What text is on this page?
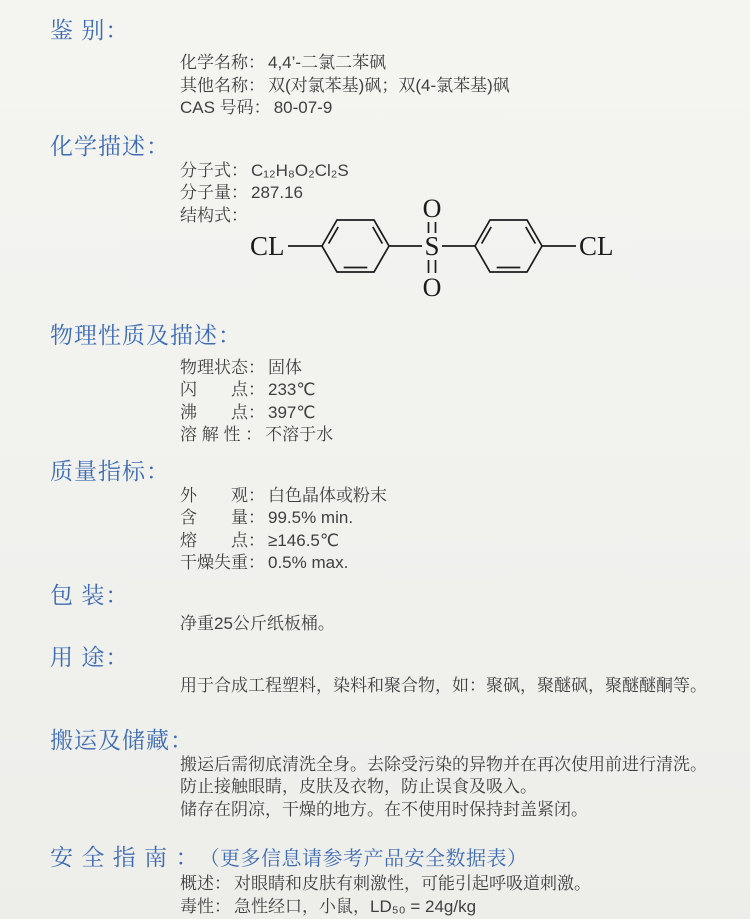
鉴 别：
化学名称： 4,4’-二氯二苯砜
其他名称： 双(对氯苯基)砜；双(4-氯苯基)砜
CAS 号码： 80-07-9
化学描述：
分子式： C₁₂H₈O₂Cl₂S
分子量： 287.16
结构式：
CL	S
O
O
CL
物理性质及描述：
物理状态： 固体
闪　　点： 233℃
沸　　点： 397℃
溶 解 性 ： 不溶于水
质量指标：
外　　观： 白色晶体或粉末
含　　量： 99.5% min.
熔　　点： ≥146.5℃
干燥失重： 0.5% max.
包 装：
净重25公斤纸板桶。
用 途：
用于合成工程塑料，染料和聚合物，如：聚砜，聚醚砜，聚醚醚酮等。
搬运及储藏：
搬运后需彻底清洗全身。去除受污染的异物并在再次使用前进行清洗。
防止接触眼睛，皮肤及衣物，防止误食及吸入。
储存在阴凉，干燥的地方。在不使用时保持封盖紧闭。
安 全 指 南 ： （更多信息请参考产品安全数据表）
概述： 对眼睛和皮肤有刺激性，可能引起呼吸道刺激。
毒性： 急性经口，小鼠，LD₅₀ = 24g/kg
